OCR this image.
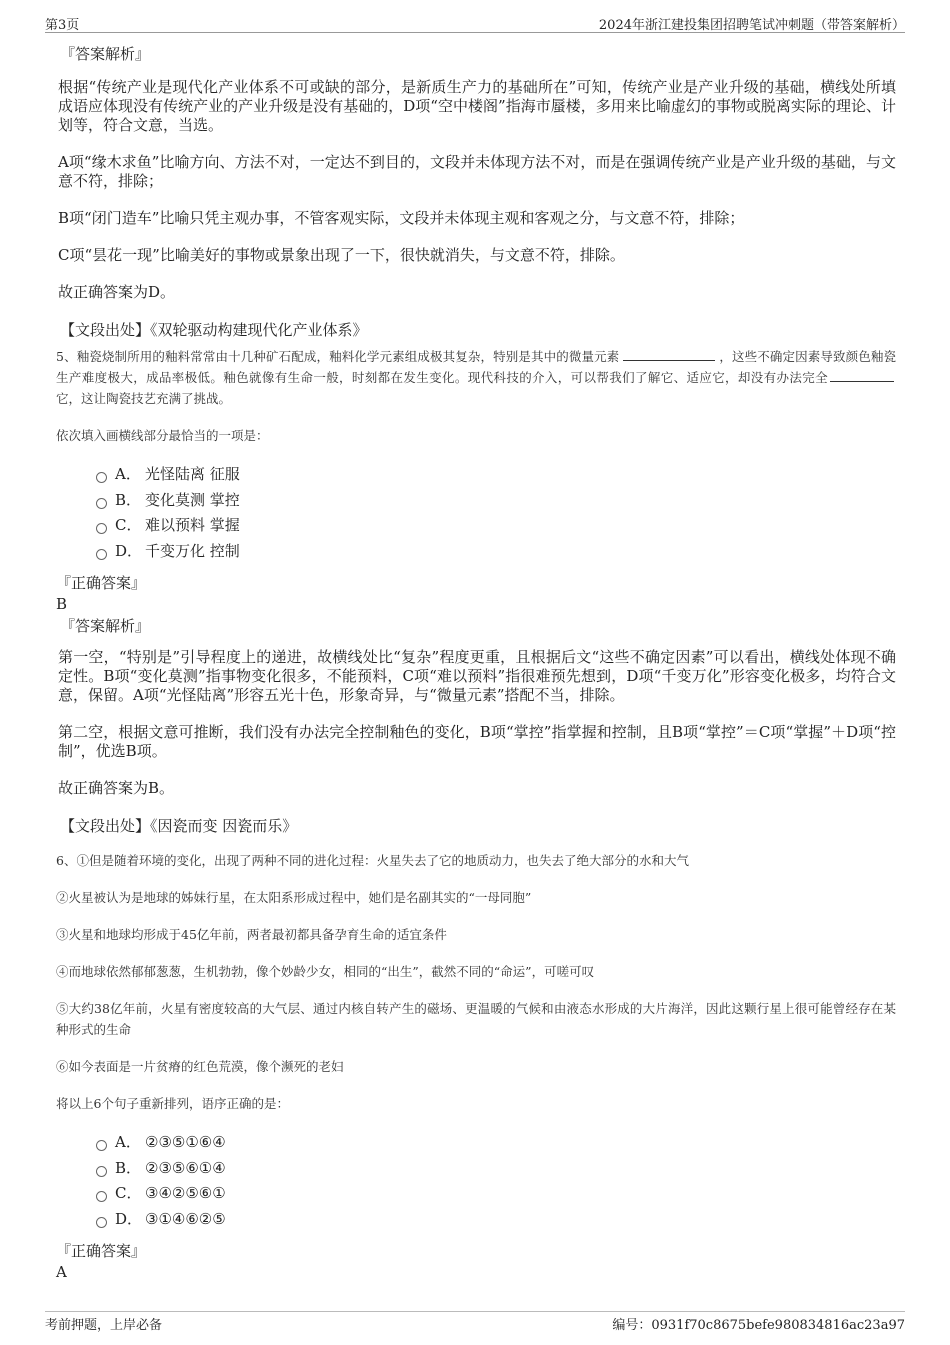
第3页	2024年浙江建投集团招聘笔试冲刺题（带答案解析）
『答案解析』
根据“传统产业是现代化产业体系不可或缺的部分，是新质生产力的基础所在”可知，传统产业是产业升级的基础，横线处所填成语应体现没有传统产业的产业升级是没有基础的，D项“空中楼阁”指海市蜃楼，多用来比喻虚幻的事物或脱离实际的理论、计划等，符合文意，当选。
A项“缘木求鱼”比喻方向、方法不对，一定达不到目的，文段并未体现方法不对，而是在强调传统产业是产业升级的基础，与文意不符，排除；
B项“闭门造车”比喻只凭主观办事，不管客观实际，文段并未体现主观和客观之分，与文意不符，排除；
C项“昙花一现”比喻美好的事物或景象出现了一下，很快就消失，与文意不符，排除。
故正确答案为D。
【文段出处】《双轮驱动构建现代化产业体系》
5、釉瓷烧制所用的釉料常常由十几种矿石配成，釉料化学元素组成极其复杂，特别是其中的微量元素	，这些不确定因素导致颜色釉瓷生产难度极大，成品率极低。釉色就像有生命一般，时刻都在发生变化。现代科技的介入，可以帮我们了解它、适应它，却没有办法完全它，这让陶瓷技艺充满了挑战。
依次填入画横线部分最恰当的一项是：
A． 光怪陆离 征服
B． 变化莫测 掌控
C． 难以预料 掌握
D． 千变万化 控制
『正确答案』
B
『答案解析』
第一空，“特别是”引导程度上的递进，故横线处比“复杂”程度更重，且根据后文“这些不确定因素”可以看出，横线处体现不确定性。B项“变化莫测”指事物变化很多，不能预料，C项“难以预料”指很难预先想到，D项“千变万化”形容变化极多，均符合文意，保留。A项“光怪陆离”形容五光十色，形象奇异，与“微量元素”搭配不当，排除。
第二空，根据文意可推断，我们没有办法完全控制釉色的变化，B项“掌控”指掌握和控制，且B项“掌控”＝C项“掌握”＋D项“控制”，优选B项。
故正确答案为B。
【文段出处】《因瓷而变 因瓷而乐》
6、①但是随着环境的变化，出现了两种不同的进化过程：火星失去了它的地质动力，也失去了绝大部分的水和大气
②火星被认为是地球的姊妹行星，在太阳系形成过程中，她们是名副其实的“一母同胞”
③火星和地球均形成于45亿年前，两者最初都具备孕育生命的适宜条件
④而地球依然郁郁葱葱，生机勃勃，像个妙龄少女，相同的“出生”，截然不同的“命运”，可嗟可叹
⑤大约38亿年前，火星有密度较高的大气层、通过内核自转产生的磁场、更温暖的气候和由液态水形成的大片海洋，因此这颗行星上很可能曾经存在某种形式的生命
⑥如今表面是一片贫瘠的红色荒漠，像个濒死的老妇
将以上6个句子重新排列，语序正确的是：
A． ②③⑤①⑥④
B． ②③⑤⑥①④
C． ③④②⑤⑥①
D． ③①④⑥②⑤
『正确答案』
A
考前押题，上岸必备	编号：0931f70c8675befe980834816ac23a97
